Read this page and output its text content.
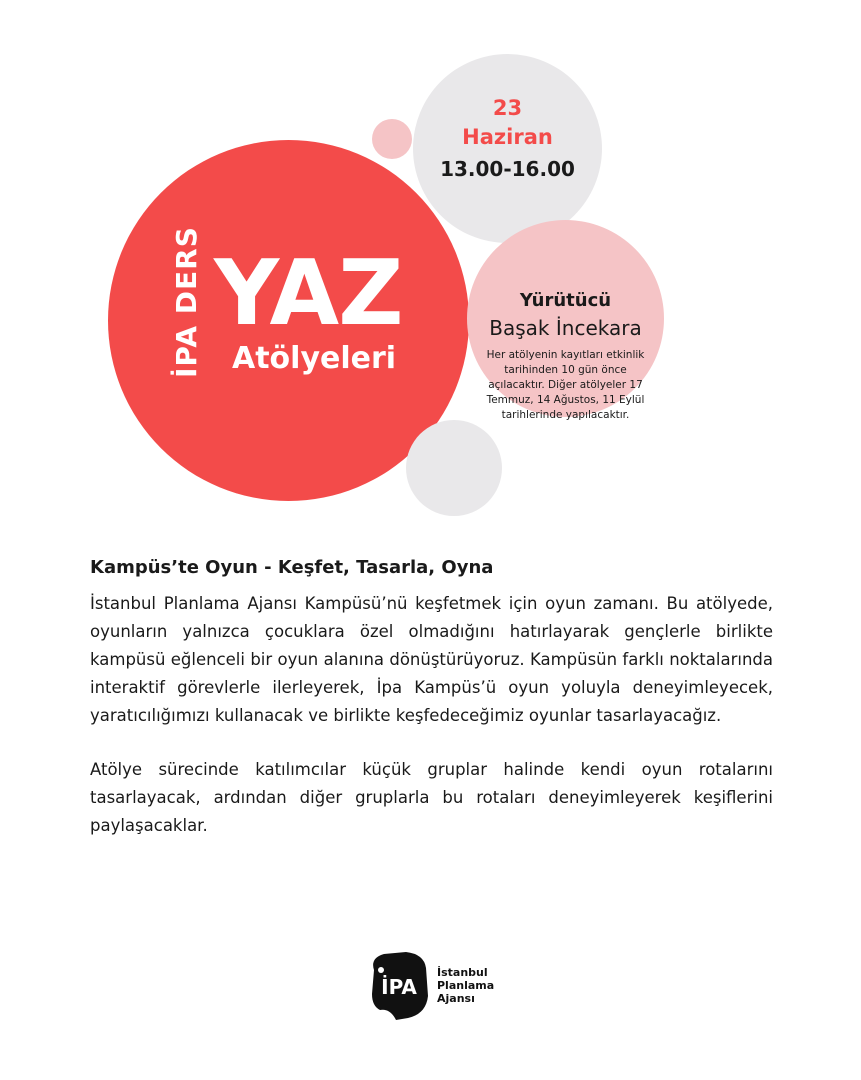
23
Haziran
13.00-16.00
İPA DERS YAZ
Atölyeleri
Yürütücü
Başak İncekara
Her atölyenin kayıtları etkinlik tarihinden 10 gün önce açılacaktır. Diğer atölyeler 17 Temmuz, 14 Ağustos, 11 Eylül tarihlerinde yapılacaktır.
Kampüs’te Oyun - Keşfet, Tasarla, Oyna

İstanbul Planlama Ajansı Kampüsü’nü keşfetmek için oyun zamanı. Bu atölyede, oyunların yalnızca çocuklara özel olmadığını hatırlayarak gençlerle birlikte kampüsü eğlenceli bir oyun alanına dönüştürüyoruz. Kampüsün farklı noktalarında interaktif görevlerle ilerleyerek, İpa Kampüs’ü oyun yoluyla deneyimleyecek, yaratıcılığımızı kullanacak ve birlikte keşfedeceğimiz oyunlar tasarlayacağız.

Atölye sürecinde katılımcılar küçük gruplar halinde kendi oyun rotalarını tasarlayacak, ardından diğer gruplarla bu rotaları deneyimleyerek keşiflerini paylaşacaklar.

İPA
İstanbul
Planlama
Ajansı
